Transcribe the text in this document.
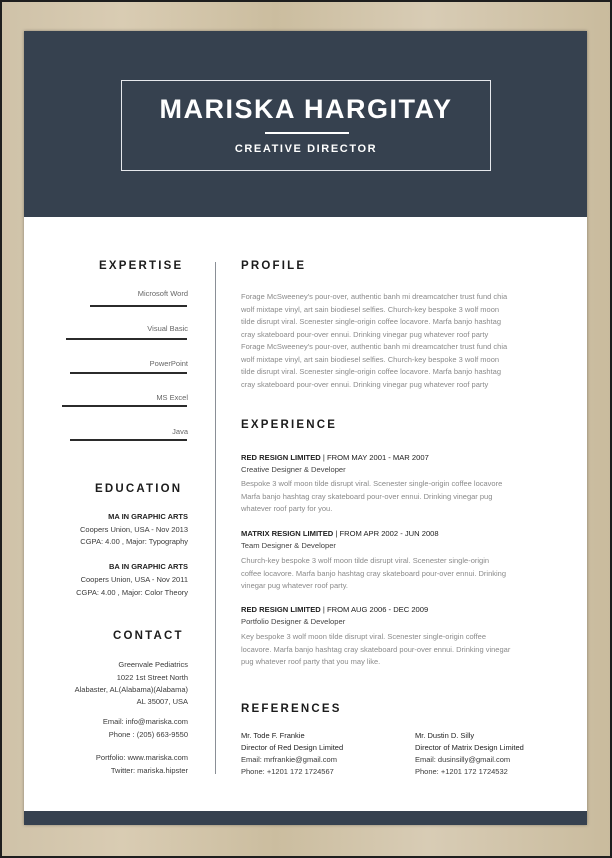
MARISKA HARGITAY
CREATIVE DIRECTOR
EXPERTISE
Microsoft Word
Visual Basic
PowerPoint
MS Excel
Java
EDUCATION
MA IN GRAPHIC ARTS
Coopers Union, USA - Nov 2013
CGPA: 4.00 , Major: Typography
BA IN GRAPHIC ARTS
Coopers Union, USA - Nov 2011
CGPA: 4.00 , Major: Color Theory
CONTACT
Greenvale Pediatrics
1022 1st Street North
Alabaster, AL(Alabama)(Alabama)
AL 35007, USA
Email: info@mariska.com
Phone : (205) 663-9550
Portfolio: www.mariska.com
Twitter: mariska.hipster
PROFILE
Forage McSweeney's pour-over, authentic banh mi dreamcatcher trust fund chia
wolf mixtape vinyl, art sain biodiesel selfies. Church-key bespoke 3 wolf moon
tilde disrupt viral. Scenester single-origin coffee locavore. Marfa banjo hashtag
cray skateboard pour-over ennui. Drinking vinegar pug whatever roof party
Forage McSweeney's pour-over, authentic banh mi dreamcatcher trust fund chia
wolf mixtape vinyl, art sain biodiesel selfies. Church-key bespoke 3 wolf moon
tilde disrupt viral. Scenester single-origin coffee locavore. Marfa banjo hashtag
cray skateboard pour-over ennui. Drinking vinegar pug whatever roof party
EXPERIENCE
RED RESIGN LIMITED | FROM MAY 2001 - MAR 2007
Creative Designer & Developer
Bespoke 3 wolf moon tilde disrupt viral. Scenester single-origin coffee locavore
Marfa banjo hashtag cray skateboard pour-over ennui. Drinking vinegar pug
whatever roof party for you.
MATRIX RESIGN LIMITED | FROM APR 2002 - JUN 2008
Team Designer & Developer
Church-key bespoke 3 wolf moon tilde disrupt viral. Scenester single-origin
coffee locavore. Marfa banjo hashtag cray skateboard pour-over ennui. Drinking
vinegar pug whatever roof party.
RED RESIGN LIMITED | FROM AUG 2006 - DEC 2009
Portfolio Designer & Developer
Key bespoke 3 wolf moon tilde disrupt viral. Scenester single-origin coffee
locavore. Marfa banjo hashtag cray skateboard pour-over ennui. Drinking vinegar
pug whatever roof party that you may like.
REFERENCES
Mr. Tode F. Frankie
Director of Red Design Limited
Email: mrfrankie@gmail.com
Phone: +1201 172 1724567
Mr. Dustin D. Silly
Director of Matrix Design Limited
Email: dusinsilly@gmail.com
Phone: +1201 172 1724532
